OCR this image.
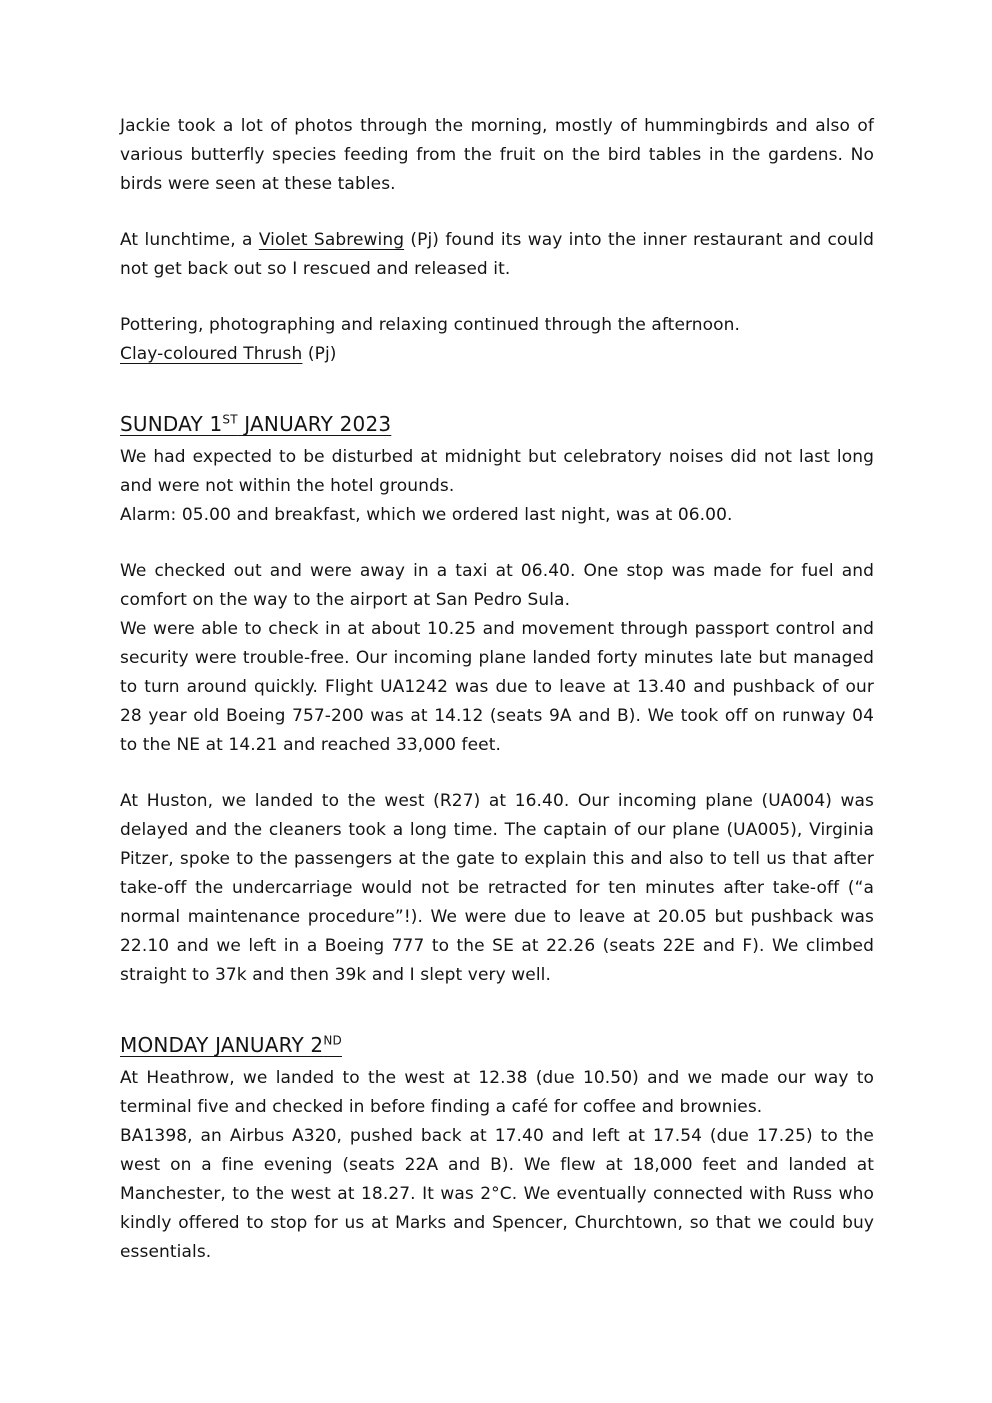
Jackie took a lot of photos through the morning, mostly of hummingbirds and also of various butterfly species feeding from the fruit on the bird tables in the gardens. No birds were seen at these tables.

At lunchtime, a Violet Sabrewing (Pj) found its way into the inner restaurant and could not get back out so I rescued and released it.

Pottering, photographing and relaxing continued through the afternoon.

Clay-coloured Thrush (Pj)

SUNDAY 1ST JANUARY 2023

We had expected to be disturbed at midnight but celebratory noises did not last long and were not within the hotel grounds.

Alarm: 05.00 and breakfast, which we ordered last night, was at 06.00.

We checked out and were away in a taxi at 06.40. One stop was made for fuel and comfort on the way to the airport at San Pedro Sula.

We were able to check in at about 10.25 and movement through passport control and security were trouble-free. Our incoming plane landed forty minutes late but managed to turn around quickly. Flight UA1242 was due to leave at 13.40 and pushback of our 28 year old Boeing 757-200 was at 14.12 (seats 9A and B). We took off on runway 04 to the NE at 14.21 and reached 33,000 feet.

At Huston, we landed to the west (R27) at 16.40. Our incoming plane (UA004) was delayed and the cleaners took a long time. The captain of our plane (UA005), Virginia Pitzer, spoke to the passengers at the gate to explain this and also to tell us that after take-off the undercarriage would not be retracted for ten minutes after take-off (“a normal maintenance procedure”!). We were due to leave at 20.05 but pushback was 22.10 and we left in a Boeing 777 to the SE at 22.26 (seats 22E and F). We climbed straight to 37k and then 39k and I slept very well.

MONDAY JANUARY 2ND

At Heathrow, we landed to the west at 12.38 (due 10.50) and we made our way to terminal five and checked in before finding a café for coffee and brownies.

BA1398, an Airbus A320, pushed back at 17.40 and left at 17.54 (due 17.25) to the west on a fine evening (seats 22A and B). We flew at 18,000 feet and landed at Manchester, to the west at 18.27. It was 2°C. We eventually connected with Russ who kindly offered to stop for us at Marks and Spencer, Churchtown, so that we could buy essentials.
